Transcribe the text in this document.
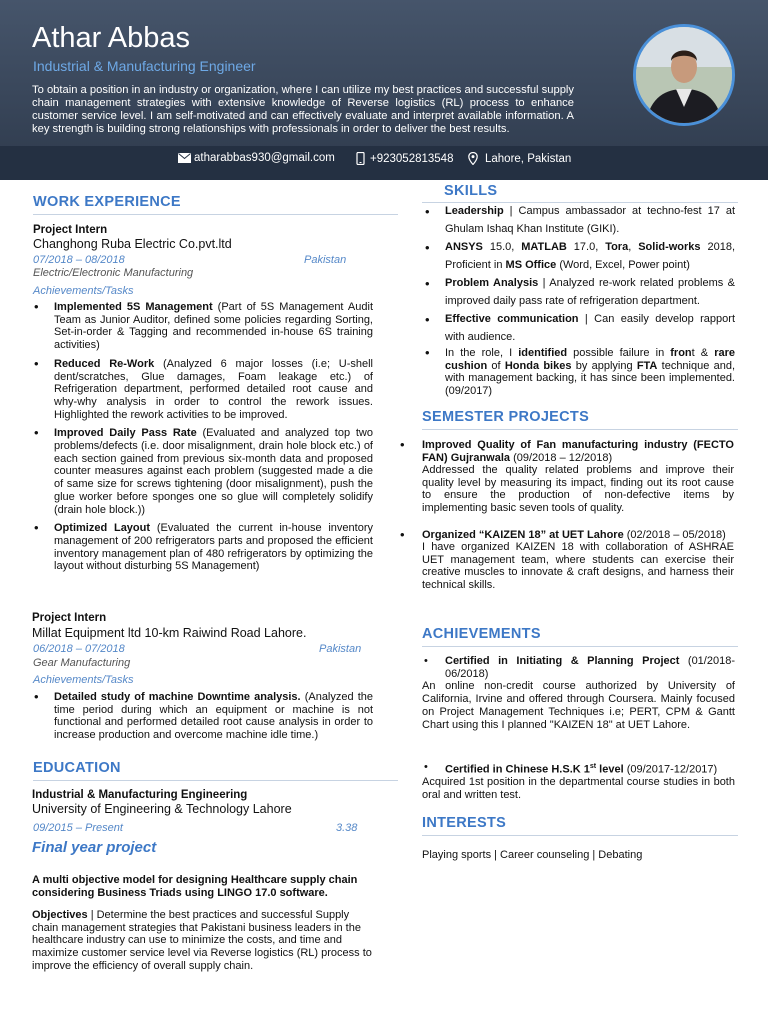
Athar Abbas
Industrial & Manufacturing Engineer
To obtain a position in an industry or organization, where I can utilize my best practices and successful supply chain management strategies with extensive knowledge of Reverse logistics (RL) process to enhance customer service level. I am self-motivated and can effectively evaluate and interpret available information. A key strength is building strong relationships with professionals in order to deliver the best results.
atharabbas930@gmail.com	+923052813548	Lahore, Pakistan
WORK EXPERIENCE
Project Intern
Changhong Ruba Electric Co.pvt.ltd
07/2018 – 08/2018	Pakistan
Electric/Electronic Manufacturing
Achievements/Tasks
• Implemented 5S Management (Part of 5S Management Audit Team as Junior Auditor, defined some policies regarding Sorting, Set-in-order & Tagging and recommended in-house 6S training activities)
• Reduced Re-Work (Analyzed 6 major losses (i.e; U-shell dent/scratches, Glue damages, Foam leakage etc.) of Refrigeration department, performed detailed root cause and why-why analysis in order to control the rework issues. Highlighted the rework activities to be improved.
• Improved Daily Pass Rate (Evaluated and analyzed top two problems/defects (i.e. door misalignment, drain hole block etc.) of each section gained from previous six-month data and proposed counter measures against each problem (suggested made a die of same size for screws tightening (door misalignment), push the glue worker before sponges one so glue will completely solidify (drain hole block.))
• Optimized Layout (Evaluated the current in-house inventory management of 200 refrigerators parts and proposed the efficient inventory management plan of 480 refrigerators by optimizing the layout without disturbing 5S Management)
Project Intern
Millat Equipment ltd 10-km Raiwind Road Lahore.
06/2018 – 07/2018	Pakistan
Gear Manufacturing
Achievements/Tasks
• Detailed study of machine Downtime analysis. (Analyzed the time period during which an equipment or machine is not functional and performed detailed root cause analysis in order to increase production and overcome machine idle time.)
EDUCATION
Industrial & Manufacturing Engineering
University of Engineering & Technology Lahore
09/2015 – Present	3.38
Final year project
A multi objective model for designing Healthcare supply chain considering Business Triads using LINGO 17.0 software.
Objectives | Determine the best practices and successful Supply chain management strategies that Pakistani business leaders in the healthcare industry can use to minimize the costs, and time and maximize customer service level via Reverse logistics (RL) process to improve the efficiency of overall supply chain.
SKILLS
• Leadership | Campus ambassador at techno-fest 17 at Ghulam Ishaq Khan Institute (GIKI).
• ANSYS 15.0, MATLAB 17.0, Tora, Solid-works 2018, Proficient in MS Office (Word, Excel, Power point)
• Problem Analysis | Analyzed re-work related problems & improved daily pass rate of refrigeration department.
• Effective communication | Can easily develop rapport with audience.
• In the role, I identified possible failure in front & rare cushion of Honda bikes by applying FTA technique and, with management backing, it has since been implemented. (09/2017)
SEMESTER PROJECTS
• Improved Quality of Fan manufacturing industry (FECTO FAN) Gujranwala (09/2018 – 12/2018)
Addressed the quality related problems and improve their quality level by measuring its impact, finding out its root cause to ensure the production of non-defective items by implementing basic seven tools of quality.
• Organized “KAIZEN 18” at UET Lahore (02/2018 – 05/2018)
I have organized KAIZEN 18 with collaboration of ASHRAE UET management team, where students can exercise their creative muscles to innovate & craft designs, and harness their technical skills.
ACHIEVEMENTS
• Certified in Initiating & Planning Project (01/2018-06/2018)
An online non-credit course authorized by University of California, Irvine and offered through Coursera. Mainly focused on Project Management Techniques i.e; PERT, CPM & Gantt Chart using this I planned "KAIZEN 18" at UET Lahore.
• Certified in Chinese H.S.K 1st level (09/2017-12/2017)
Acquired 1st position in the departmental course studies in both oral and written test.
INTERESTS
Playing sports | Career counseling | Debating
